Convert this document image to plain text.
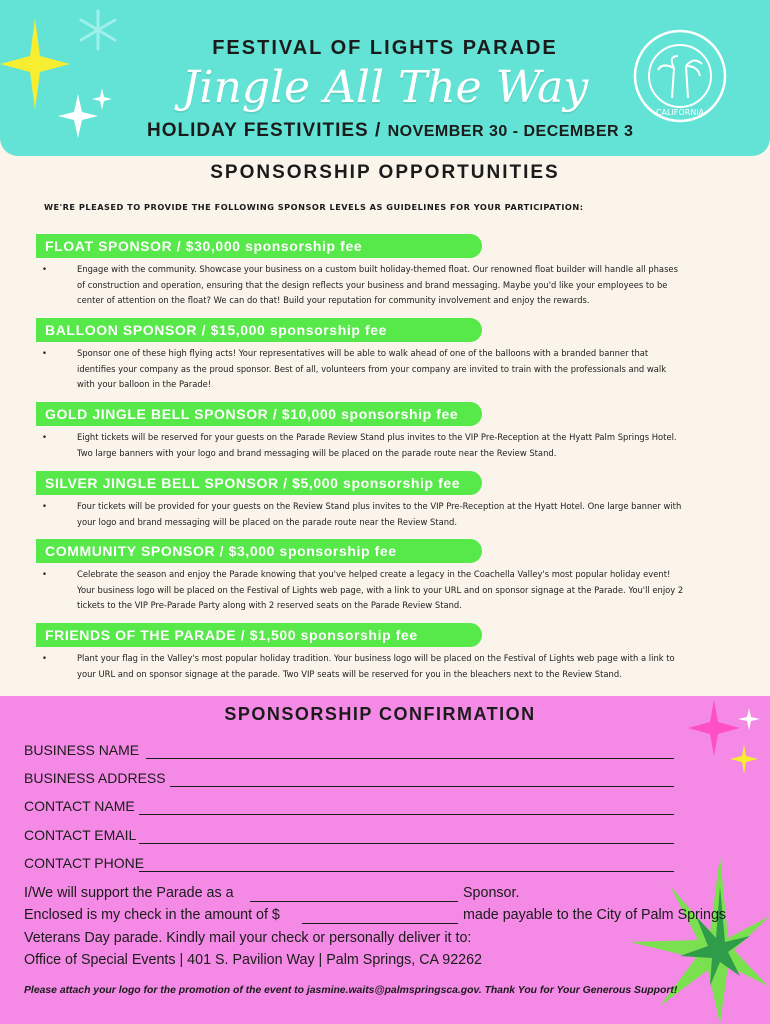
FESTIVAL OF LIGHTS PARADE
Jingle All The Way
HOLIDAY FESTIVITIES / NOVEMBER 30 - DECEMBER 3
CALIFORNIA
SPONSORSHIP OPPORTUNITIES
WE'RE PLEASED TO PROVIDE THE FOLLOWING SPONSOR LEVELS AS GUIDELINES FOR YOUR PARTICIPATION:
FLOAT SPONSOR / $30,000 sponsorship fee
•	Engage with the community. Showcase your business on a custom built holiday-themed float. Our renowned float builder will handle all phases
of construction and operation, ensuring that the design reflects your business and brand messaging. Maybe you'd like your employees to be
center of attention on the float? We can do that! Build your reputation for community involvement and enjoy the rewards.
BALLOON SPONSOR / $15,000 sponsorship fee
•	Sponsor one of these high flying acts! Your representatives will be able to walk ahead of one of the balloons with a branded banner that
identifies your company as the proud sponsor. Best of all, volunteers from your company are invited to train with the professionals and walk
with your balloon in the Parade!
GOLD JINGLE BELL SPONSOR / $10,000 sponsorship fee
•	Eight tickets will be reserved for your guests on the Parade Review Stand plus invites to the VIP Pre-Reception at the Hyatt Palm Springs Hotel.
Two large banners with your logo and brand messaging will be placed on the parade route near the Review Stand.
SILVER JINGLE BELL SPONSOR / $5,000 sponsorship fee
•	Four tickets will be provided for your guests on the Review Stand plus invites to the VIP Pre-Reception at the Hyatt Hotel. One large banner with
your logo and brand messaging will be placed on the parade route near the Review Stand.
COMMUNITY SPONSOR / $3,000 sponsorship fee
•	Celebrate the season and enjoy the Parade knowing that you've helped create a legacy in the Coachella Valley's most popular holiday event!
Your business logo will be placed on the Festival of Lights web page, with a link to your URL and on sponsor signage at the Parade. You'll enjoy 2
tickets to the VIP Pre-Parade Party along with 2 reserved seats on the Parade Review Stand.
FRIENDS OF THE PARADE / $1,500 sponsorship fee
•	Plant your flag in the Valley's most popular holiday tradition. Your business logo will be placed on the Festival of Lights web page with a link to
your URL and on sponsor signage at the parade. Two VIP seats will be reserved for you in the bleachers next to the Review Stand.
SPONSORSHIP CONFIRMATION
BUSINESS NAME
BUSINESS ADDRESS
CONTACT NAME
CONTACT EMAIL
CONTACT PHONE
I/We will support the Parade as a	Sponsor.
Enclosed is my check in the amount of $	made payable to the City of Palm Springs
Veterans Day parade. Kindly mail your check or personally deliver it to:
Office of Special Events | 401 S. Pavilion Way | Palm Springs, CA 92262
Please attach your logo for the promotion of the event to jasmine.waits@palmspringsca.gov. Thank You for Your Generous Support!
